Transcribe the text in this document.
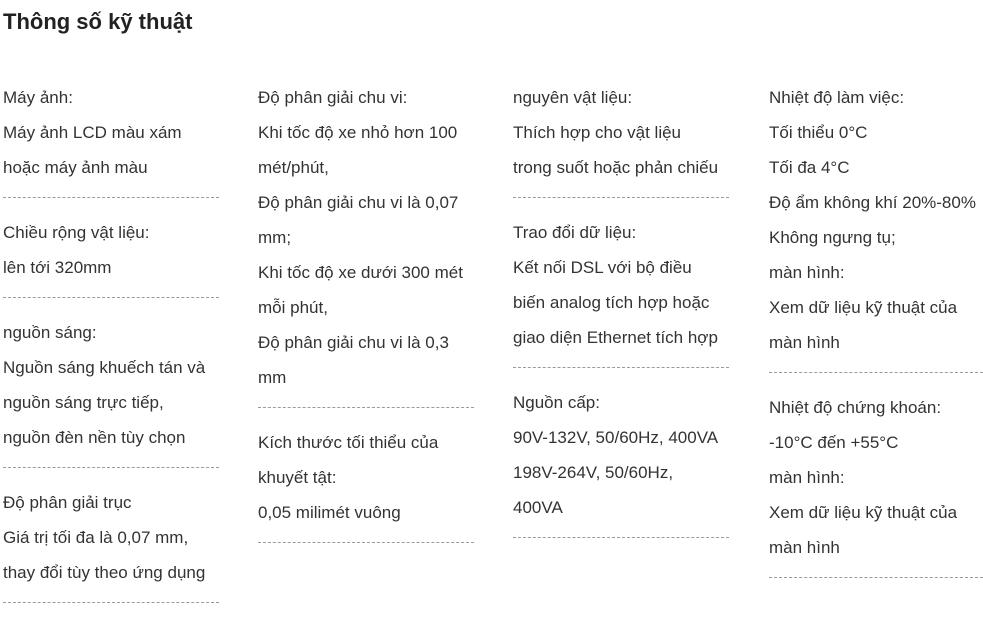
Thông số kỹ thuật
Máy ảnh:
Máy ảnh LCD màu xám
hoặc máy ảnh màu
Chiều rộng vật liệu:
lên tới 320mm
nguồn sáng:
Nguồn sáng khuếch tán và
nguồn sáng trực tiếp,
nguồn đèn nền tùy chọn
Độ phân giải trục
Giá trị tối đa là 0,07 mm,
thay đổi tùy theo ứng dụng
Độ phân giải chu vi:
Khi tốc độ xe nhỏ hơn 100
mét/phút,
Độ phân giải chu vi là 0,07
mm;
Khi tốc độ xe dưới 300 mét
mỗi phút,
Độ phân giải chu vi là 0,3
mm
Kích thước tối thiểu của
khuyết tật:
0,05 milimét vuông
nguyên vật liệu:
Thích hợp cho vật liệu
trong suốt hoặc phản chiếu
Trao đổi dữ liệu:
Kết nối DSL với bộ điều
biến analog tích hợp hoặc
giao diện Ethernet tích hợp
Nguồn cấp:
90V-132V, 50/60Hz, 400VA
198V-264V, 50/60Hz,
400VA
Nhiệt độ làm việc:
Tối thiểu 0°C
Tối đa 4°C
Độ ẩm không khí 20%-80%
Không ngưng tụ;
màn hình:
Xem dữ liệu kỹ thuật của
màn hình
Nhiệt độ chứng khoán:
-10°C đến +55°C
màn hình:
Xem dữ liệu kỹ thuật của
màn hình
